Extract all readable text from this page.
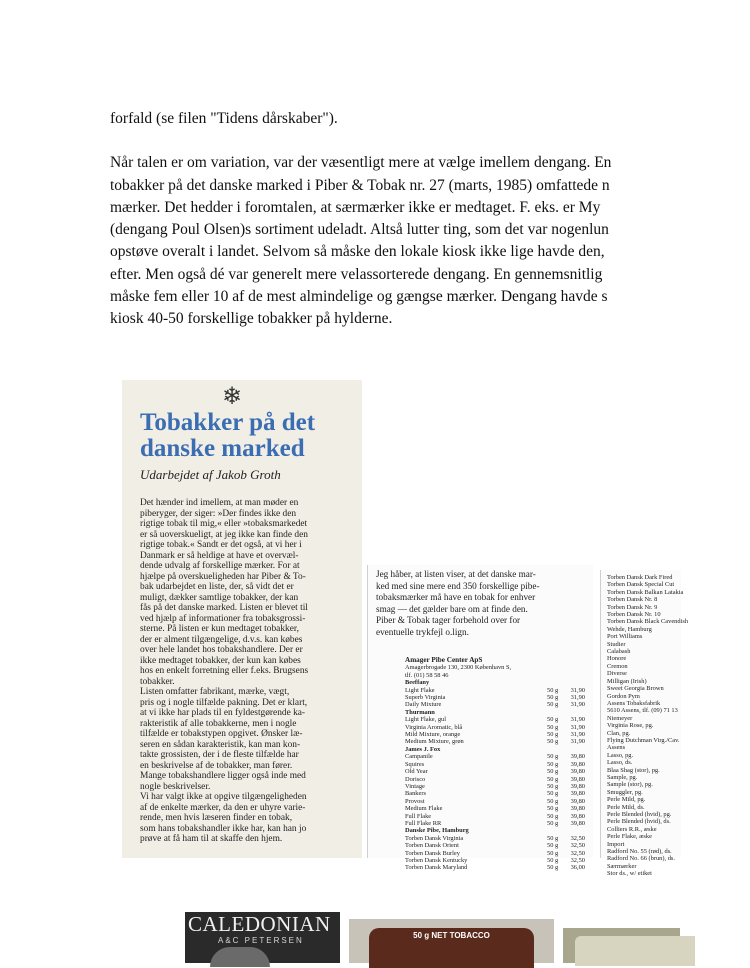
forfald (se filen "Tidens dårskaber").

Når talen er om variation, var der væsentligt mere at vælge imellem dengang. En
tobakker på det danske marked i Piber & Tobak nr. 27 (marts, 1985) omfattede n
mærker. Det hedder i foromtalen, at særmærker ikke er medtaget. F. eks. er My
(dengang Poul Olsen)s sortiment udeladt. Altså lutter ting, som det var nogenlun
opstøve overalt i landet. Selvom så måske den lokale kiosk ikke lige havde den,
efter. Men også dé var generelt mere velassorterede dengang. En gennemsnitlig
måske fem eller 10 af de mest almindelige og gængse mærker. Dengang havde s
kiosk 40-50 forskellige tobakker på hylderne.

❄
Tobakker på det
danske marked
Udarbejdet af Jakob Groth
Det hænder ind imellem, at man møder en
piberyger, der siger: »Der findes ikke den
rigtige tobak til mig,« eller »tobaksmarkedet
er så uoverskueligt, at jeg ikke kan finde den
rigtige tobak.« Sandt er det også, at vi her i
Danmark er så heldige at have et overvæl-
dende udvalg af forskellige mærker. For at
hjælpe på overskueligheden har Piber & To-
bak udarbejdet en liste, der, så vidt det er
muligt, dækker samtlige tobakker, der kan
fås på det danske marked. Listen er blevet til
ved hjælp af informationer fra tobaksgrossi-
sterne. På listen er kun medtaget tobakker,
der er alment tilgængelige, d.v.s. kan købes
over hele landet hos tobakshandlere. Der er
ikke medtaget tobakker, der kun kan købes
hos en enkelt forretning eller f.eks. Brugsens
tobakker.
Listen omfatter fabrikant, mærke, vægt,
pris og i nogle tilfælde pakning. Det er klart,
at vi ikke har plads til en fyldestgørende ka-
rakteristik af alle tobakkerne, men i nogle
tilfælde er tobakstypen opgivet. Ønsker læ-
seren en sådan karakteristik, kan man kon-
takte grossisten, der i de fleste tilfælde har
en beskrivelse af de tobakker, man fører.
Mange tobakshandlere ligger også inde med
nogle beskrivelser.
Vi har valgt ikke at opgive tilgængeligheden
af de enkelte mærker, da den er uhyre varie-
rende, men hvis læseren finder en tobak,
som hans tobakshandler ikke har, kan han jo
prøve at få ham til at skaffe den hjem.
Jeg håber, at listen viser, at det danske mar-
ked med sine mere end 350 forskellige pibe-
tobaksmærker må have en tobak for enhver
smag — det gælder bare om at finde den.
Piber & Tobak tager forbehold over for
eventuelle trykfejl o.lign.
Amager Pibe Center ApS
Amagerbrogade 130, 2300 København S,
tlf. (01) 58 58 46
Beeffany
Light Flake	50 g	31,90
Superb Virginia	50 g	31,90
Daily Mixture	50 g	31,90
Thurmann
Light Flake, gul	50 g	31,90
Virginia Aromatic, blå	50 g	31,90
Mild Mixture, orange	50 g	31,90
Medium Mixture, grøn	50 g	31,90
James J. Fox
Campanile	50 g	39,80
Squires	50 g	39,80
Old Year	50 g	39,80
Dorisco	50 g	39,80
Vintage	50 g	39,80
Bankers	50 g	39,80
Provost	50 g	39,80
Medium Flake	50 g	39,80
Full Flake	50 g	39,80
Full Flake RR	50 g	39,80
Danske Pibe, Hamburg
Torben Dansk Virginia	50 g	32,50
Torben Dansk Orient	50 g	32,50
Torben Dansk Burley	50 g	32,50
Torben Dansk Kentucky	50 g	32,50
Torben Dansk Maryland	50 g	36,00
Torben Dansk Dark Fired
Torben Dansk Special Cut
Torben Dansk Balkan Latakia
Torben Dansk Nr. 8
Torben Dansk Nr. 9
Torben Dansk Nr. 10
Torben Dansk Black Cavendish
Wehde, Hamburg
Port Williams
Studier
Calabash
Honore
Cremon
Diverse
Milligan (Irish)
Sweet Georgia Brown
Gordon Pym
Assens Tobaksfabrik
5610 Assens, tlf. (09) 71 13
Niemeyer
Virginia Rose, pg.
Clan, pg.
Flying Dutchman Virg./Cav.
Assens
Lasso, pg.
Lasso, ds.
Blaa Shag (stor), pg.
Sample, pg.
Sample (stor), pg.
Smuggler, pg.
Perle Mild, pg.
Perle Mild, ds.
Perle Blended (hvid), pg.
Perle Blended (hvid), ds.
Colliers R.R., æske
Perle Flake, æske
Import
Radford No. 55 (rød), ds.
Radford No. 66 (brun), ds.
Særmærker
Stor ds., w/ etiket
CALEDONIAN
A&C PETERSEN
50 g NET TOBACCO
